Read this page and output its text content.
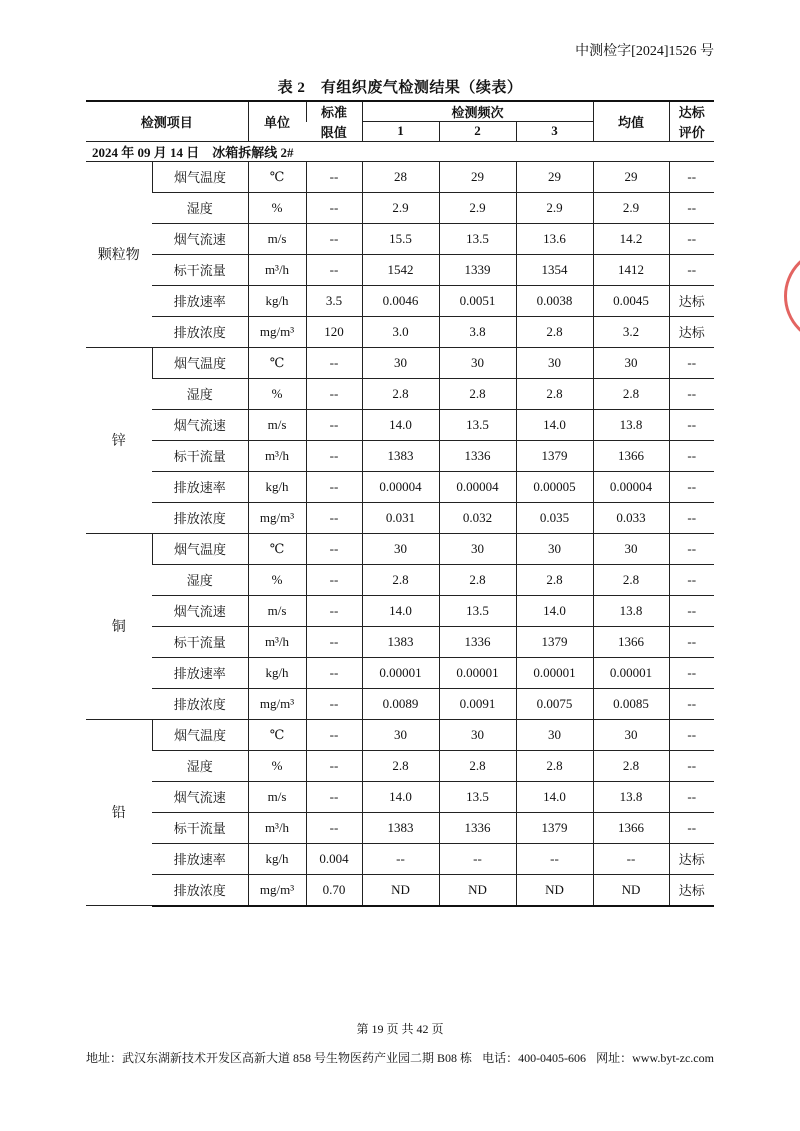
中测检字[2024]1526 号
表 2　有组织废气检测结果（续表）
检测项目		单位	标准	检测频次			均值	达标
			限值	1	2	3		评价
2024 年 09 月 14 日　冰箱拆解线 2#								
颗粒物	烟气温度	℃	--	28	29	29	29	--
	湿度	%	--	2.9	2.9	2.9	2.9	--
	烟气流速	m/s	--	15.5	13.5	13.6	14.2	--
	标干流量	m³/h	--	1542	1339	1354	1412	--
	排放速率	kg/h	3.5	0.0046	0.0051	0.0038	0.0045	达标
	排放浓度	mg/m³	120	3.0	3.8	2.8	3.2	达标
锌	烟气温度	℃	--	30	30	30	30	--
	湿度	%	--	2.8	2.8	2.8	2.8	--
	烟气流速	m/s	--	14.0	13.5	14.0	13.8	--
	标干流量	m³/h	--	1383	1336	1379	1366	--
	排放速率	kg/h	--	0.00004	0.00004	0.00005	0.00004	--
	排放浓度	mg/m³	--	0.031	0.032	0.035	0.033	--
铜	烟气温度	℃	--	30	30	30	30	--
	湿度	%	--	2.8	2.8	2.8	2.8	--
	烟气流速	m/s	--	14.0	13.5	14.0	13.8	--
	标干流量	m³/h	--	1383	1336	1379	1366	--
	排放速率	kg/h	--	0.00001	0.00001	0.00001	0.00001	--
	排放浓度	mg/m³	--	0.0089	0.0091	0.0075	0.0085	--
铅	烟气温度	℃	--	30	30	30	30	--
	湿度	%	--	2.8	2.8	2.8	2.8	--
	烟气流速	m/s	--	14.0	13.5	14.0	13.8	--
	标干流量	m³/h	--	1383	1336	1379	1366	--
	排放速率	kg/h	0.004	--	--	--	--	达标
	排放浓度	mg/m³	0.70	ND	ND	ND	ND	达标
第 19 页 共 42 页
地址：武汉东湖新技术开发区高新大道 858 号生物医药产业园二期 B08 栋 电话：400-0405-606 网址：www.byt-zc.com
